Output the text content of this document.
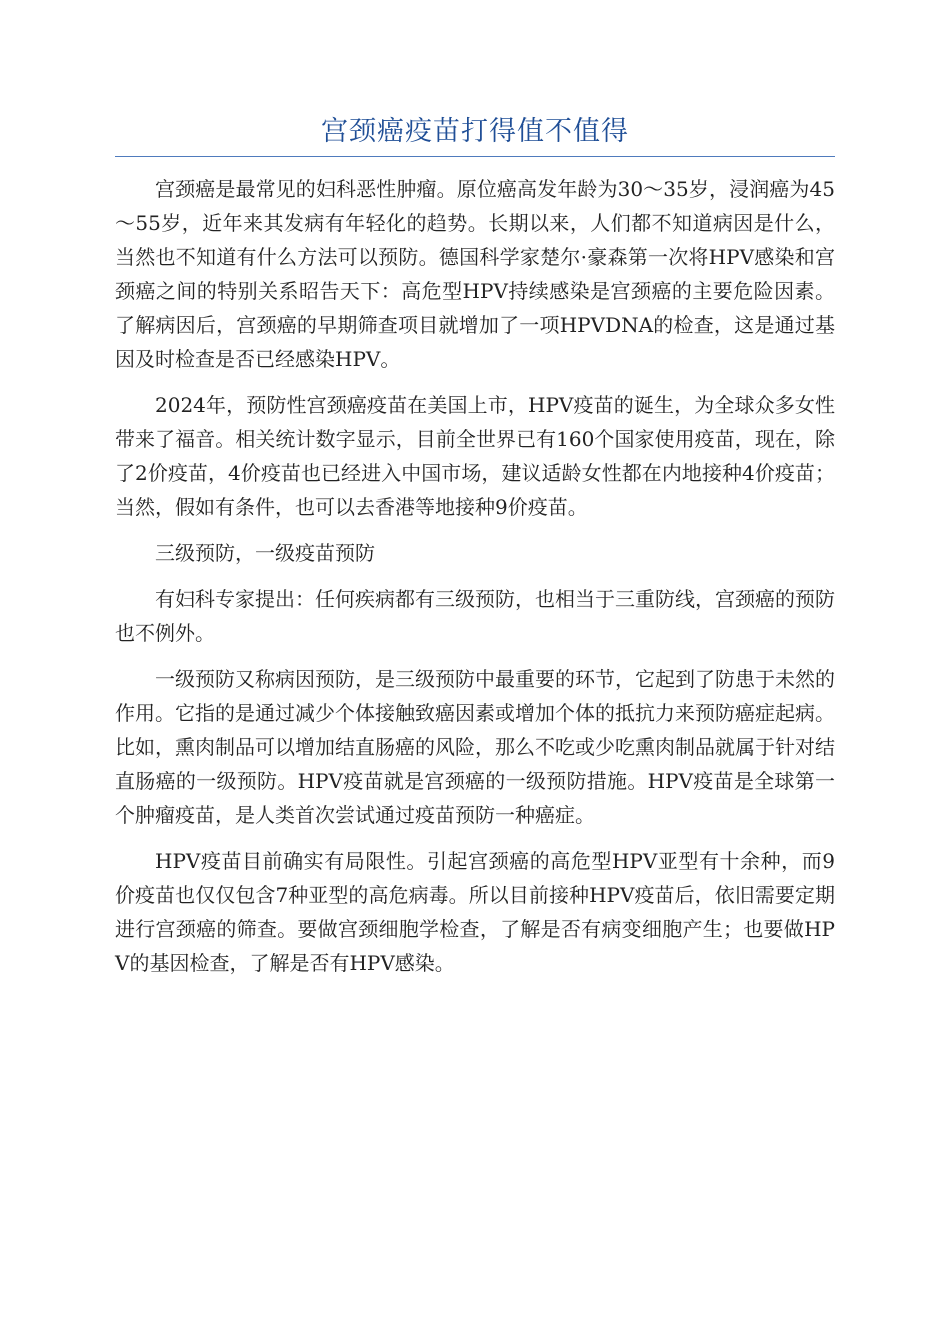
宫颈癌疫苗打得值不值得

宫颈癌是最常见的妇科恶性肿瘤。原位癌高发年龄为30～35岁，浸润癌为45～55岁，近年来其发病有年轻化的趋势。长期以来，人们都不知道病因是什么，当然也不知道有什么方法可以预防。德国科学家楚尔·豪森第一次将HPV感染和宫颈癌之间的特别关系昭告天下：高危型HPV持续感染是宫颈癌的主要危险因素。了解病因后，宫颈癌的早期筛查项目就增加了一项HPVDNA的检查，这是通过基因及时检查是否已经感染HPV。

2024年，预防性宫颈癌疫苗在美国上市，HPV疫苗的诞生，为全球众多女性带来了福音。相关统计数字显示，目前全世界已有160个国家使用疫苗，现在，除了2价疫苗，4价疫苗也已经进入中国市场，建议适龄女性都在内地接种4价疫苗；当然，假如有条件，也可以去香港等地接种9价疫苗。

三级预防，一级疫苗预防

有妇科专家提出：任何疾病都有三级预防，也相当于三重防线，宫颈癌的预防也不例外。

一级预防又称病因预防，是三级预防中最重要的环节，它起到了防患于未然的作用。它指的是通过减少个体接触致癌因素或增加个体的抵抗力来预防癌症起病。比如，熏肉制品可以增加结直肠癌的风险，那么不吃或少吃熏肉制品就属于针对结直肠癌的一级预防。HPV疫苗就是宫颈癌的一级预防措施。HPV疫苗是全球第一个肿瘤疫苗，是人类首次尝试通过疫苗预防一种癌症。

HPV疫苗目前确实有局限性。引起宫颈癌的高危型HPV亚型有十余种，而9价疫苗也仅仅包含7种亚型的高危病毒。所以目前接种HPV疫苗后，依旧需要定期进行宫颈癌的筛查。要做宫颈细胞学检查，了解是否有病变细胞产生；也要做HPV的基因检查，了解是否有HPV感染。
